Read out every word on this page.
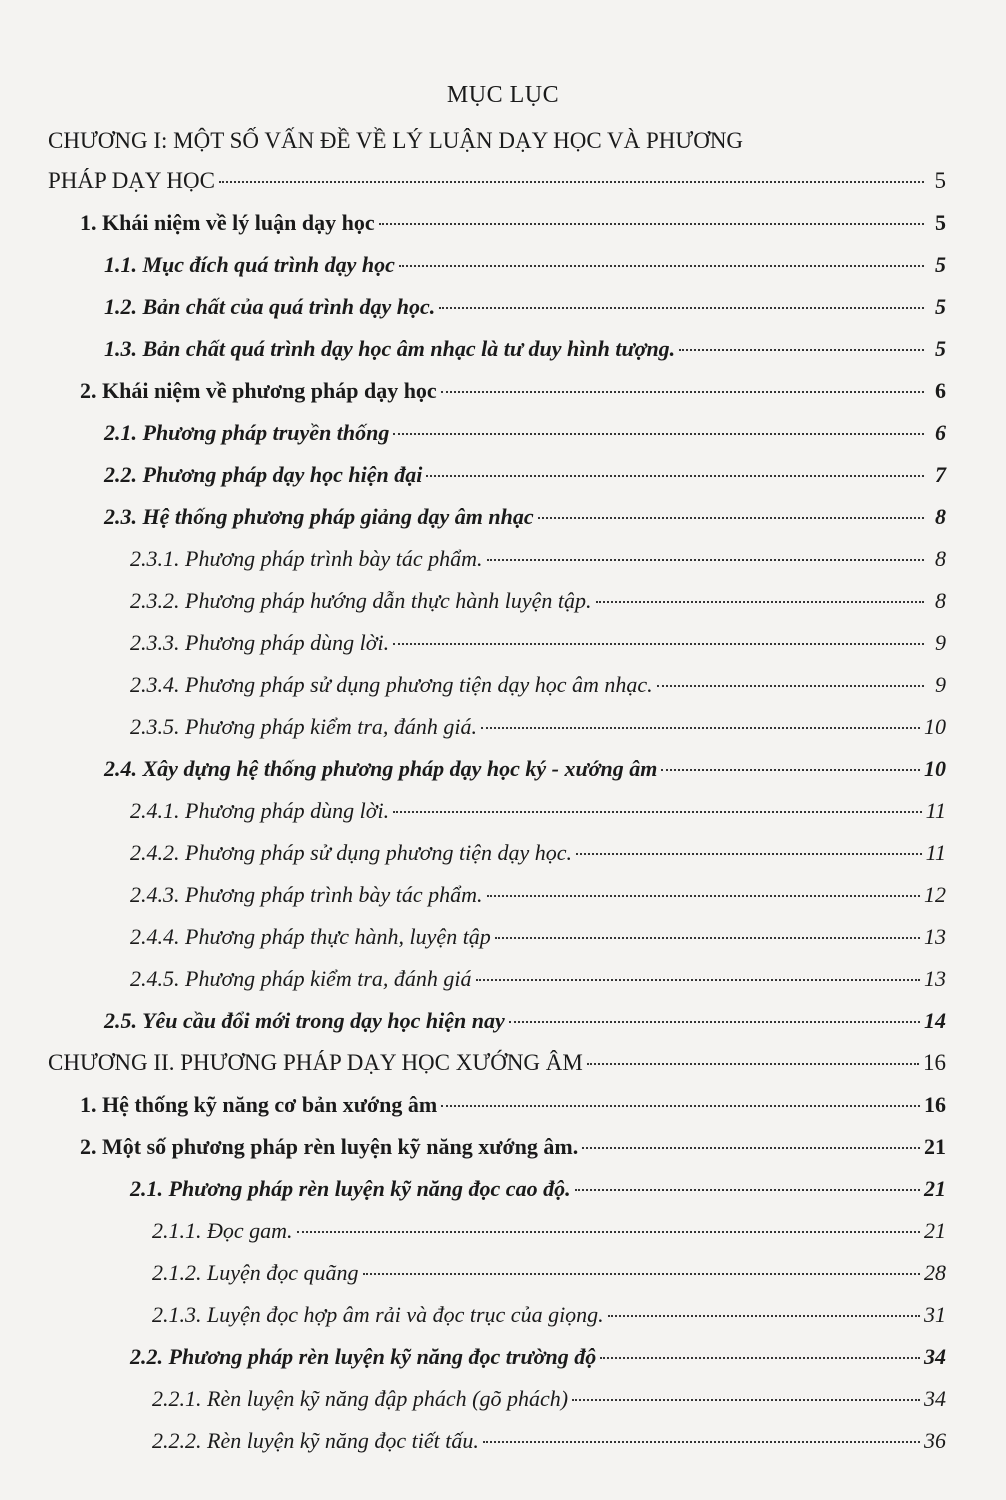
MỤC LỤC
CHƯƠNG I: MỘT SỐ VẤN ĐỀ VỀ LÝ LUẬN DẠY HỌC VÀ PHƯƠNG
PHÁP DẠY HỌC	5
1. Khái niệm về lý luận dạy học	5
1.1. Mục đích quá trình dạy học	5
1.2. Bản chất của quá trình dạy học.	5
1.3. Bản chất quá trình dạy học âm nhạc là tư duy hình tượng.	5
2. Khái niệm về phương pháp dạy học	6
2.1. Phương pháp truyền thống	6
2.2. Phương pháp dạy học hiện đại	7
2.3. Hệ thống phương pháp giảng dạy âm nhạc	8
2.3.1. Phương pháp trình bày tác phẩm.	8
2.3.2. Phương pháp hướng dẫn thực hành luyện tập.	8
2.3.3. Phương pháp dùng lời.	9
2.3.4. Phương pháp sử dụng phương tiện dạy học âm nhạc.	9
2.3.5. Phương pháp kiểm tra, đánh giá.	10
2.4. Xây dựng hệ thống phương pháp dạy học ký - xướng âm	10
2.4.1. Phương pháp dùng lời.	11
2.4.2. Phương pháp sử dụng phương tiện dạy học.	11
2.4.3. Phương pháp trình bày tác phẩm.	12
2.4.4. Phương pháp thực hành, luyện tập	13
2.4.5. Phương pháp kiểm tra, đánh giá	13
2.5. Yêu cầu đổi mới trong dạy học hiện nay	14
CHƯƠNG II. PHƯƠNG PHÁP DẠY HỌC XƯỚNG ÂM	16
1. Hệ thống kỹ năng cơ bản xướng âm	16
2. Một số phương pháp rèn luyện kỹ năng xướng âm.	21
2.1. Phương pháp rèn luyện kỹ năng đọc cao độ.	21
2.1.1. Đọc gam.	21
2.1.2. Luyện đọc quãng	28
2.1.3. Luyện đọc hợp âm rải và đọc trục của giọng.	31
2.2. Phương pháp rèn luyện kỹ năng đọc trường độ	34
2.2.1. Rèn luyện kỹ năng đập phách (gõ phách)	34
2.2.2. Rèn luyện kỹ năng đọc tiết tấu.	36
